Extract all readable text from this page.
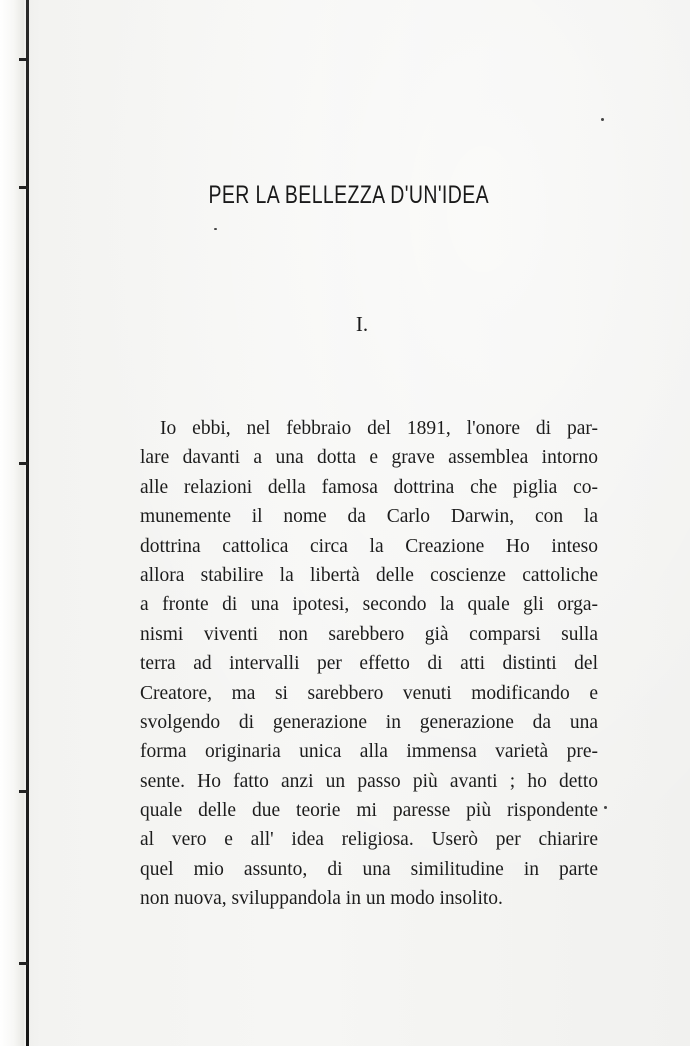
PER LA BELLEZZA D'UN'IDEA
I.
Io ebbi, nel febbraio del 1891, l'onore di par-
lare davanti a una dotta e grave assemblea intorno
alle relazioni della famosa dottrina che piglia co-
munemente il nome da Carlo Darwin, con la
dottrina cattolica circa la Creazione Ho inteso
allora stabilire la libertà delle coscienze cattoliche
a fronte di una ipotesi, secondo la quale gli orga-
nismi viventi non sarebbero già comparsi sulla
terra ad intervalli per effetto di atti distinti del
Creatore, ma si sarebbero venuti modificando e
svolgendo di generazione in generazione da una
forma originaria unica alla immensa varietà pre-
sente. Ho fatto anzi un passo più avanti ; ho detto
quale delle due teorie mi paresse più rispondente
al vero e all' idea religiosa. Userò per chiarire
quel mio assunto, di una similitudine in parte
non nuova, sviluppandola in un modo insolito.
